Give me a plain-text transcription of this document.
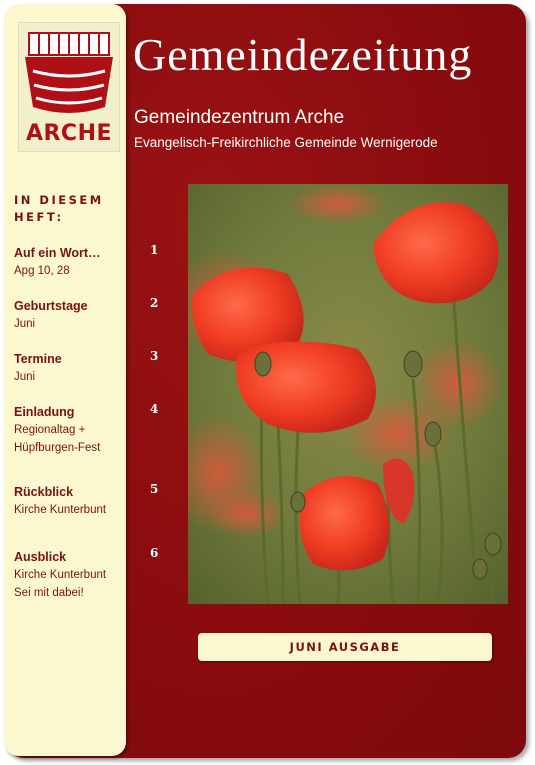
ARCHE
IN DIESEM
HEFT:
Auf ein Wort…
Apg 10, 28
Geburtstage
Juni
Termine
Juni
Einladung
Regionaltag +
Hüpfburgen-Fest
Rückblick
Kirche Kunterbunt
Ausblick
Kirche Kunterbunt
Sei mit dabei!
1
2
3
4
5
6
Gemeindezeitung
Gemeindezentrum Arche
Evangelisch-Freikirchliche Gemeinde Wernigerode
JUNI AUSGABE
